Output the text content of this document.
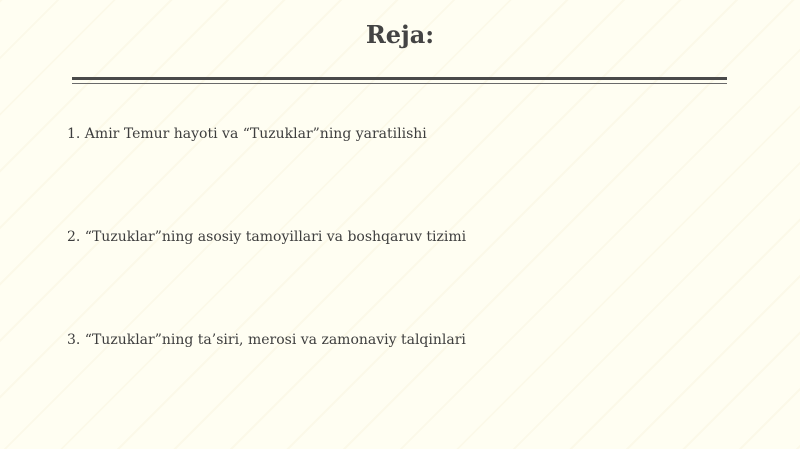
Reja:

1. Amir Temur hayoti va “Tuzuklar”ning yaratilishi

2. “Tuzuklar”ning asosiy tamoyillari va boshqaruv tizimi

3. “Tuzuklar”ning ta’siri, merosi va zamonaviy talqinlari
